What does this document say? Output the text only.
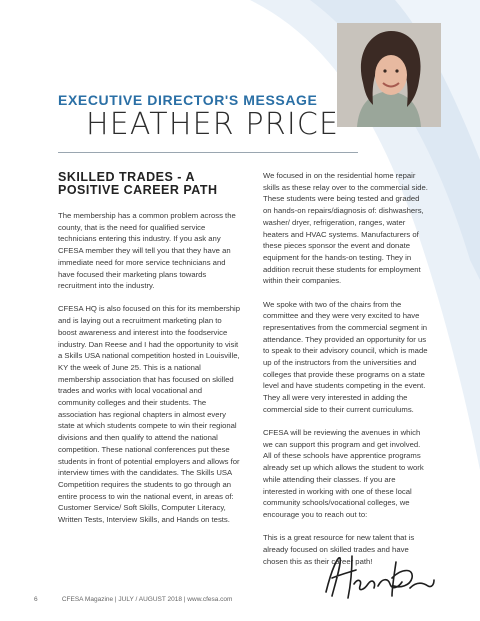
EXECUTIVE DIRECTOR'S MESSAGE
HEATHER PRICE
SKILLED TRADES - A POSITIVE CAREER PATH

The membership has a common problem across the county, that is the need for qualified service technicians entering this industry. If you ask any CFESA member they will tell you that they have an immediate need for more service technicians and have focused their marketing plans towards recruitment into the industry.

CFESA HQ is also focused on this for its membership and is laying out a recruitment marketing plan to boost awareness and interest into the foodservice industry. Dan Reese and I had the opportunity to visit a Skills USA national competition hosted in Louisville, KY the week of June 25. This is a national membership association that has focused on skilled trades and works with local vocational and community colleges and their students. The association has regional chapters in almost every state at which students compete to win their regional divisions and then qualify to attend the national competition. These national conferences put these students in front of potential employers and allows for interview times with the candidates. The Skills USA Competition requires the students to go through an entire process to win the national event, in areas of: Customer Service/ Soft Skills, Computer Literacy, Written Tests, Interview Skills, and Hands on tests.

We focused in on the residential home repair skills as these relay over to the commercial side. These students were being tested and graded on hands-on repairs/diagnosis of: dishwashers, washer/ dryer, refrigeration, ranges, water heaters and HVAC systems. Manufacturers of these pieces sponsor the event and donate equipment for the hands-on testing. They in addition recruit these students for employment within their companies.

We spoke with two of the chairs from the committee and they were very excited to have representatives from the commercial segment in attendance. They provided an opportunity for us to speak to their advisory council, which is made up of the instructors from the universities and colleges that provide these programs on a state level and have students competing in the event. They all were very interested in adding the commercial side to their current curriculums.

CFESA will be reviewing the avenues in which we can support this program and get involved. All of these schools have apprentice programs already set up which allows the student to work while attending their classes. If you are interested in working with one of these local community schools/vocational colleges, we encourage you to reach out to:

This is a great resource for new talent that is already focused on skilled trades and have chosen this as their career path!

6	CFESA Magazine | JULY / AUGUST 2018 | www.cfesa.com
